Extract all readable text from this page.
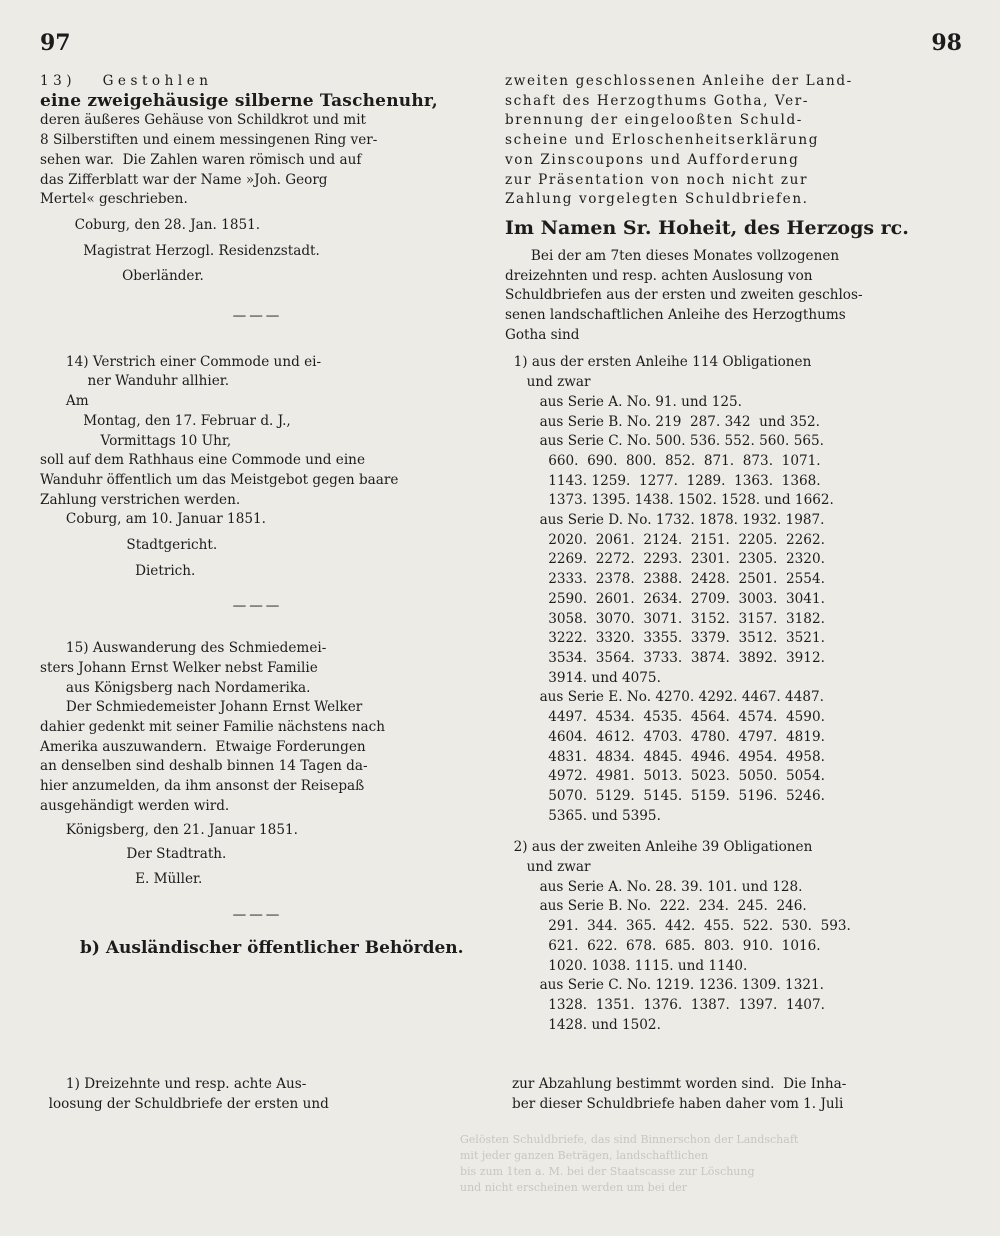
97	98

13)   Gestohlen

eine zweigehäusige silberne Taschenuhr,

deren äußeres Gehäuse von Schildkrot und mit
8 Silberstiften und einem messingenen Ring ver-
sehen war.  Die Zahlen waren römisch und auf
das Zifferblatt war der Name »Joh. Georg
Mertel« geschrieben.

Coburg, den 28. Jan. 1851.

Magistrat Herzogl. Residenzstadt.

Oberländer.

———

14) Verstrich einer Commode und ei-
ner Wanduhr allhier.
Am
Montag, den 17. Februar d. J.,
Vormittags 10 Uhr,
soll auf dem Rathhaus eine Commode und eine
Wanduhr öffentlich um das Meistgebot gegen baare
Zahlung verstrichen werden.

Coburg, am 10. Januar 1851.

Stadtgericht.

Dietrich.

———

15) Auswanderung des Schmiedemei-
sters Johann Ernst Welker nebst Familie
aus Königsberg nach Nordamerika.
Der Schmiedemeister Johann Ernst Welker
dahier gedenkt mit seiner Familie nächstens nach
Amerika auszuwandern.  Etwaige Forderungen
an denselben sind deshalb binnen 14 Tagen da-
hier anzumelden, da ihm ansonst der Reisepaß
ausgehändigt werden wird.

Königsberg, den 21. Januar 1851.

Der Stadtrath.

E. Müller.

———

b) Ausländischer öffentlicher Behörden.

zweiten geschlossenen Anleihe der Land-
schaft des Herzogthums Gotha, Ver-
brennung der eingelooßten Schuld-
scheine und Erloschenheitserklärung
von Zinscoupons und Aufforderung
zur Präsentation von noch nicht zur
Zahlung vorgelegten Schuldbriefen.

Im Namen Sr. Hoheit, des Herzogs rc.

Bei der am 7ten dieses Monates vollzogenen
dreizehnten und resp. achten Auslosung von
Schuldbriefen aus der ersten und zweiten geschlos-
senen landschaftlichen Anleihe des Herzogthums
Gotha sind

1) aus der ersten Anleihe 114 Obligationen
und zwar
aus Serie A. No. 91. und 125.
aus Serie B. No. 219  287. 342  und 352.
aus Serie C. No. 500. 536. 552. 560. 565.
660.  690.  800.  852.  871.  873.  1071.
1143. 1259.  1277.  1289.  1363.  1368.
1373. 1395. 1438. 1502. 1528. und 1662.
aus Serie D. No. 1732. 1878. 1932. 1987.
2020.  2061.  2124.  2151.  2205.  2262.
2269.  2272.  2293.  2301.  2305.  2320.
2333.  2378.  2388.  2428.  2501.  2554.
2590.  2601.  2634.  2709.  3003.  3041.
3058.  3070.  3071.  3152.  3157.  3182.
3222.  3320.  3355.  3379.  3512.  3521.
3534.  3564.  3733.  3874.  3892.  3912.
3914. und 4075.
aus Serie E. No. 4270. 4292. 4467. 4487.
4497.  4534.  4535.  4564.  4574.  4590.
4604.  4612.  4703.  4780.  4797.  4819.
4831.  4834.  4845.  4946.  4954.  4958.
4972.  4981.  5013.  5023.  5050.  5054.
5070.  5129.  5145.  5159.  5196.  5246.
5365. und 5395.

2) aus der zweiten Anleihe 39 Obligationen
und zwar
aus Serie A. No. 28. 39. 101. und 128.
aus Serie B. No.  222.  234.  245.  246.
291.  344.  365.  442.  455.  522.  530.  593.
621.  622.  678.  685.  803.  910.  1016.
1020. 1038. 1115. und 1140.
aus Serie C. No. 1219. 1236. 1309. 1321.
1328.  1351.  1376.  1387.  1397.  1407.
1428. und 1502.

1) Dreizehnte und resp. achte Aus-
loosung der Schuldbriefe der ersten und
zur Abzahlung bestimmt worden sind.  Die Inha-
ber dieser Schuldbriefe haben daher vom 1. Juli
Gelösten Schuldbriefe, das sind Binnerschon der Landschaft
mit jeder ganzen Beträgen, landschaftlichen
bis zum 1ten a. M. bei der Staatscasse zur Löschung
und nicht erscheinen werden um bei der
